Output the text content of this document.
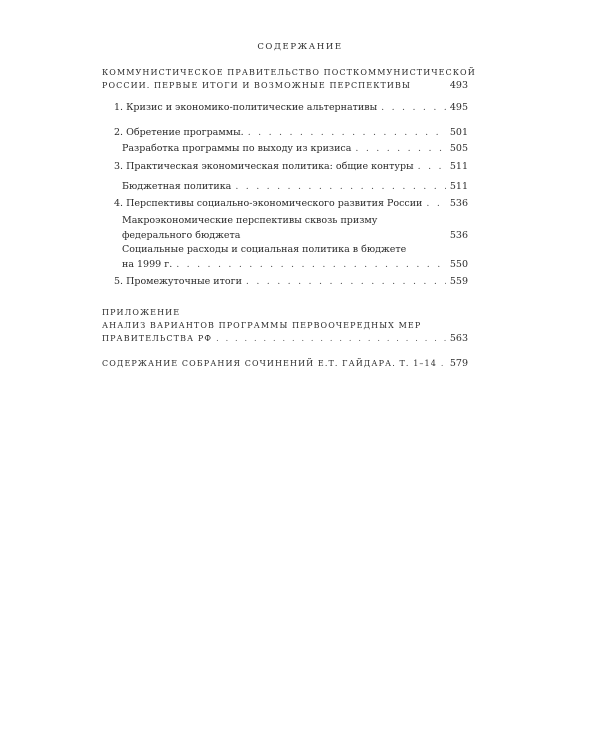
СОДЕРЖАНИЕ
КОММУНИСТИЧЕСКОЕ ПРАВИТЕЛЬСТВО ПОСТКОММУНИСТИЧЕСКОЙ
РОССИИ. ПЕРВЫЕ ИТОГИ И ВОЗМОЖНЫЕ ПЕРСПЕКТИВЫ	493
1. Кризис и экономико-политические альтернативы . . .	495
2. Обретение программы. . . .	501
Разработка программы по выходу из кризиса . . .	505
3. Практическая экономическая политика: общие контуры . . .	511
Бюджетная политика . . .	511
4. Перспективы социально-экономического развития России . . .	536
Макроэкономические перспективы сквозь призму
федерального бюджета	536
Социальные расходы и социальная политика в бюджете
на 1999 г. . . .	550
5. Промежуточные итоги . . .	559
ПРИЛОЖЕНИЕ
АНАЛИЗ ВАРИАНТОВ ПРОГРАММЫ ПЕРВООЧЕРЕДНЫХ МЕР
ПРАВИТЕЛЬСТВА РФ . . .	563
СОДЕРЖАНИЕ СОБРАНИЯ СОЧИНЕНИЙ Е.Т. ГАЙДАРА. Т. 1–14 . . . 579
